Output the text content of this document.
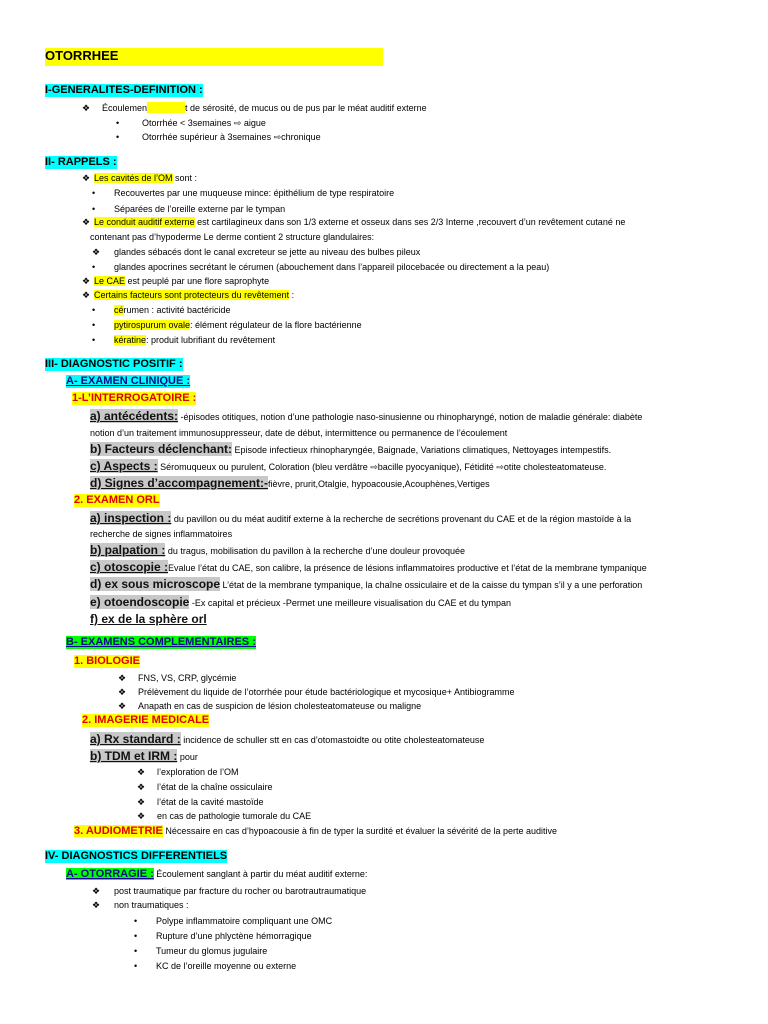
OTORRHEE
I-GENERALITES-DEFINITION :
❖ Écoulemen	t de sérosité, de mucus ou de pus par le méat auditif externe
•	Otorrhée < 3semaines ⇨ aigue
•	Otorrhée supérieur à 3semaines ⇨chronique
II- RAPPELS :
❖ Les cavités de l’OM sont :
• Recouvertes par une muqueuse mince: épithélium de type respiratoire
• Séparées de l’oreille externe par le tympan
❖ Le conduit auditif externe est cartilagineux dans son 1/3 externe et osseux dans ses 2/3 Interne ,recouvert d’un revêtement cutané ne
contenant pas d’hypoderme Le derme contient 2 structure glandulaires:
❖ glandes sébacés dont le canal excreteur se jette au niveau des bulbes pileux
• glandes apocrines secrétant le cérumen (abouchement dans l’appareil pilocebacée ou directement a la peau)
❖ Le CAE est peuplé par une flore saprophyte
❖ Certains facteurs sont protecteurs du revêtement :
• cérumen : activité bactéricide
• pytirospurum ovale: élément régulateur de la flore bactérienne
• kératine: produit lubrifiant du revêtement
III- DIAGNOSTIC POSITIF :
A- EXAMEN CLINIQUE :
1-L’INTERROGATOIRE :
a) antécédents: -épisodes otitiques, notion d’une pathologie naso-sinusienne ou rhinopharyngé, notion de maladie générale: diabète
notion d’un traitement immunosuppresseur, date de début, intermittence ou permanence de l’écoulement
b) Facteurs déclenchant: Episode infectieux rhinopharyngée, Baignade, Variations climatiques, Nettoyages intempestifs.
c) Aspects : Séromuqueux ou purulent, Coloration (bleu verdâtre ⇨bacille pyocyanique), Fétidité ⇨otite cholesteatomateuse.
d) Signes d’accompagnement:-fièvre, prurit,Otalgie, hypoacousie,Acouphènes,Vertiges
2. EXAMEN ORL
a) inspection : du pavillon ou du méat auditif externe à la recherche de secrétions provenant du CAE et de la région mastoïde à la
recherche de signes inflammatoires
b) palpation : du tragus, mobilisation du pavillon à la recherche d’une douleur provoquée
c) otoscopie :Evalue l’état du CAE, son calibre, la présence de lésions inflammatoires productive et l’état de la membrane tympanique
d) ex sous microscope L’état de la membrane tympanique, la chaîne ossiculaire et de la caisse du tympan s’il y a une perforation
e) otoendoscopie -Ex capital et précieux -Permet une meilleure visualisation du CAE et du tympan
f) ex de la sphère orl
B- EXAMENS COMPLEMENTAIRES :
1. BIOLOGIE
❖ FNS, VS, CRP, glycémie
❖ Prélèvement du liquide de l’otorrhée pour étude bactériologique et mycosique+ Antibiogramme
❖ Anapath en cas de suspicion de lésion cholesteatomateuse ou maligne
2. IMAGERIE MEDICALE
a) Rx standard : incidence de schuller stt en cas d’otomastoidte ou otite cholesteatomateuse
b) TDM et IRM : pour
❖ l’exploration de l’OM
❖ l’état de la chaîne ossiculaire
❖ l’état de la cavité mastoïde
❖ en cas de pathologie tumorale du CAE
3. AUDIOMETRIE Nécessaire en cas d’hypoacousie à fin de typer la surdité et évaluer la sévérité de la perte auditive
IV- DIAGNOSTICS DIFFERENTIELS
A- OTORRAGIE : Écoulement sanglant à partir du méat auditif externe:
❖ post traumatique par fracture du rocher ou barotrautraumatique
❖ non traumatiques :
• Polype inflammatoire compliquant une OMC
• Rupture d’une phlyctène hémorragique
• Tumeur du glomus jugulaire
• KC de l’oreille moyenne ou externe
